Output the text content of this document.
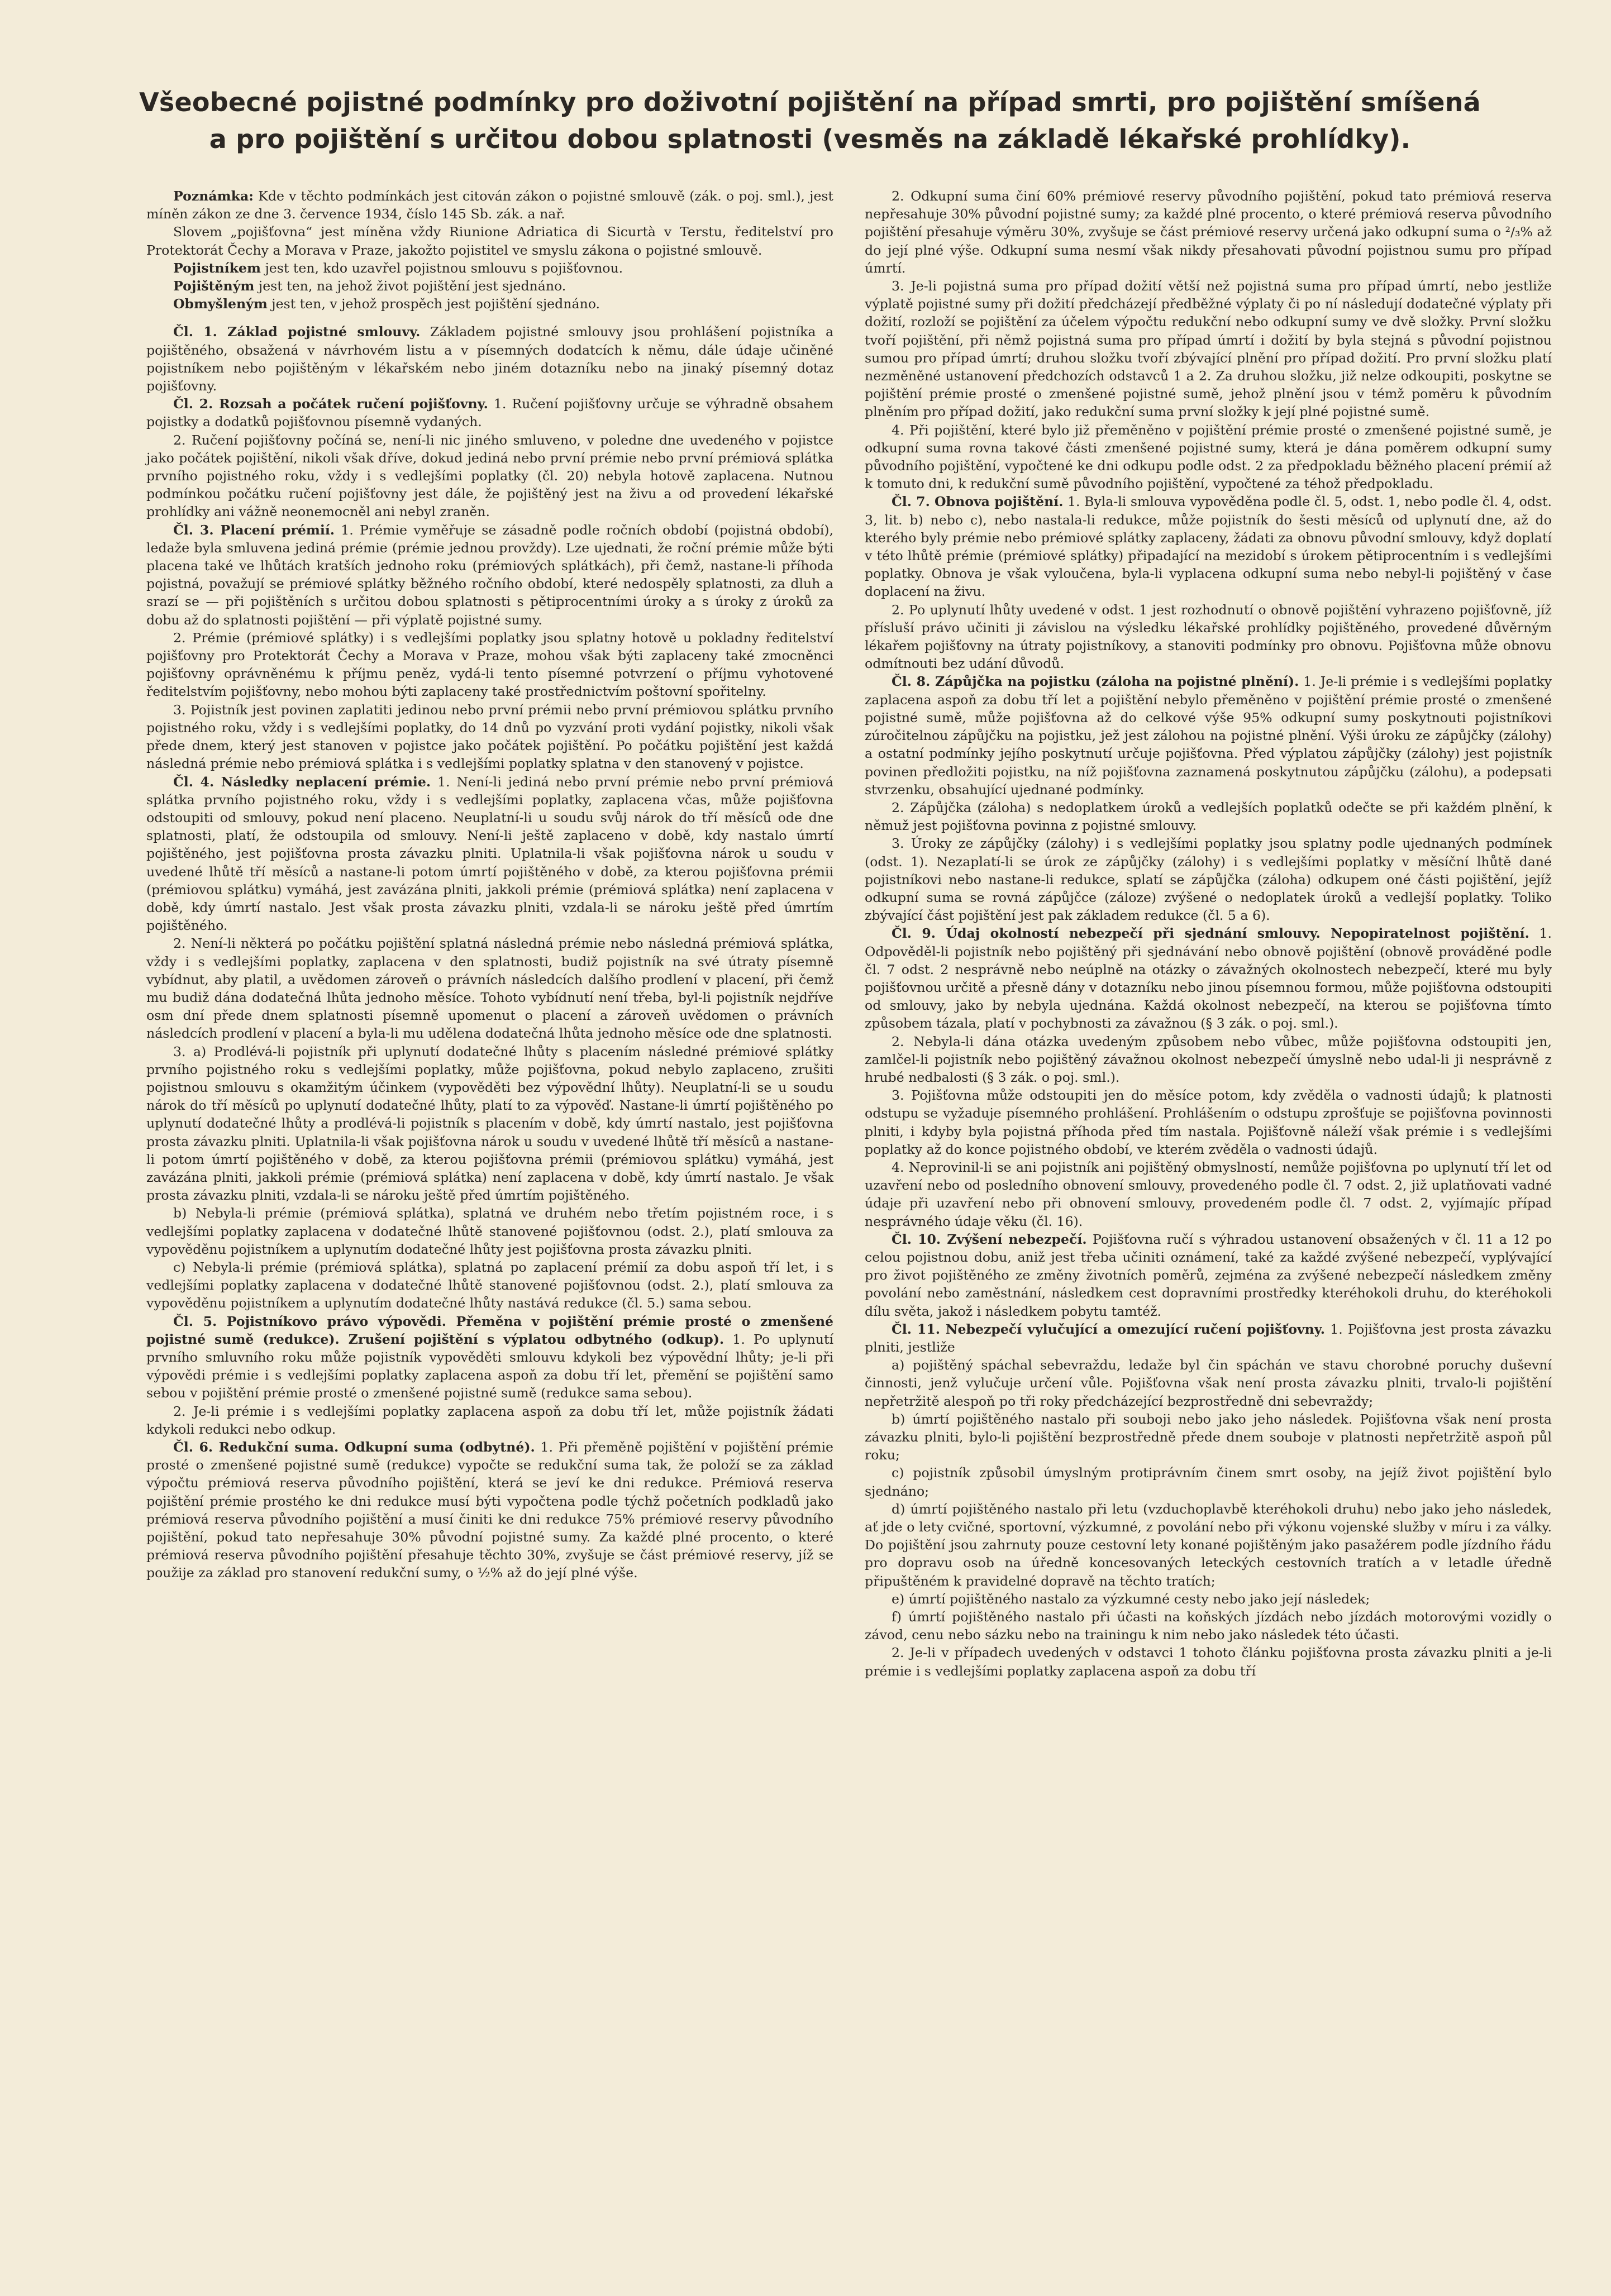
Všeobecné pojistné podmínky pro doživotní pojištění na případ smrti, pro pojištění smíšená
a pro pojištění s určitou dobou splatnosti (vesměs na základě lékařské prohlídky).

Poznámka: Kde v těchto podmínkách jest citován zákon o pojistné smlouvě (zák. o poj. sml.), jest míněn zákon ze dne 3. července 1934, číslo 145 Sb. zák. a nař.

Slovem „pojišťovna“ jest míněna vždy Riunione Adriatica di Sicurtà v Terstu, ředitelství pro Protektorát Čechy a Morava v Praze, jakožto pojistitel ve smyslu zákona o pojistné smlouvě.

Pojistníkem jest ten, kdo uzavřel pojistnou smlouvu s pojišťovnou.

Pojištěným jest ten, na jehož život pojištění jest sjednáno.

Obmyšleným jest ten, v jehož prospěch jest pojištění sjednáno.

Čl. 1. Základ pojistné smlouvy. Základem pojistné smlouvy jsou prohlášení pojistníka a pojištěného, obsažená v návrhovém listu a v písemných dodatcích k němu, dále údaje učiněné pojistníkem nebo pojištěným v lékařském nebo jiném dotazníku nebo na jinaký písemný dotaz pojišťovny.

Čl. 2. Rozsah a počátek ručení pojišťovny. 1. Ručení pojišťovny určuje se výhradně obsahem pojistky a dodatků pojišťovnou písemně vydaných.

2. Ručení pojišťovny počíná se, není-li nic jiného smluveno, v poledne dne uvedeného v pojistce jako počátek pojištění, nikoli však dříve, dokud jediná nebo první prémie nebo první prémiová splátka prvního pojistného roku, vždy i s vedlejšími poplatky (čl. 20) nebyla hotově zaplacena. Nutnou podmínkou počátku ručení pojišťovny jest dále, že pojištěný jest na živu a od provedení lékařské prohlídky ani vážně neonemocněl ani nebyl zraněn.

Čl. 3. Placení prémií. 1. Prémie vyměřuje se zásadně podle ročních období (pojistná období), ledaže byla smluvena jediná prémie (prémie jednou provždy). Lze ujednati, že roční prémie může býti placena také ve lhůtách kratších jednoho roku (prémiových splátkách), při čemž, nastane-li příhoda pojistná, považují se prémiové splátky běžného ročního období, které nedospěly splatnosti, za dluh a srazí se — při pojištěních s určitou dobou splatnosti s pětiprocentními úroky a s úroky z úroků za dobu až do splatnosti pojištění — při výplatě pojistné sumy.

2. Prémie (prémiové splátky) i s vedlejšími poplatky jsou splatny hotově u pokladny ředitelství pojišťovny pro Protektorát Čechy a Morava v Praze, mohou však býti zaplaceny také zmocněnci pojišťovny oprávněnému k příjmu peněz, vydá-li tento písemné potvrzení o příjmu vyhotovené ředitelstvím pojišťovny, nebo mohou býti zaplaceny také prostřednictvím poštovní spořitelny.

3. Pojistník jest povinen zaplatiti jedinou nebo první prémii nebo první prémiovou splátku prvního pojistného roku, vždy i s vedlejšími poplatky, do 14 dnů po vyzvání proti vydání pojistky, nikoli však přede dnem, který jest stanoven v pojistce jako počátek pojištění. Po počátku pojištění jest každá následná prémie nebo prémiová splátka i s vedlejšími poplatky splatna v den stanovený v pojistce.

Čl. 4. Následky neplacení prémie. 1. Není-li jediná nebo první prémie nebo první prémiová splátka prvního pojistného roku, vždy i s vedlejšími poplatky, zaplacena včas, může pojišťovna odstoupiti od smlouvy, pokud není placeno. Neuplatní-li u soudu svůj nárok do tří měsíců ode dne splatnosti, platí, že odstoupila od smlouvy. Není-li ještě zaplaceno v době, kdy nastalo úmrtí pojištěného, jest pojišťovna prosta závazku plniti. Uplatnila-li však pojišťovna nárok u soudu v uvedené lhůtě tří měsíců a nastane-li potom úmrtí pojištěného v době, za kterou pojišťovna prémii (prémiovou splátku) vymáhá, jest zavázána plniti, jakkoli prémie (prémiová splátka) není zaplacena v době, kdy úmrtí nastalo. Jest však prosta závazku plniti, vzdala-li se nároku ještě před úmrtím pojištěného.

2. Není-li některá po počátku pojištění splatná následná prémie nebo následná prémiová splátka, vždy i s vedlejšími poplatky, zaplacena v den splatnosti, budiž pojistník na své útraty písemně vybídnut, aby platil, a uvědomen zároveň o právních následcích dalšího prodlení v placení, při čemž mu budiž dána dodatečná lhůta jednoho měsíce. Tohoto vybídnutí není třeba, byl-li pojistník nejdříve osm dní přede dnem splatnosti písemně upomenut o placení a zároveň uvědomen o právních následcích prodlení v placení a byla-li mu udělena dodatečná lhůta jednoho měsíce ode dne splatnosti.

3. a) Prodlévá-li pojistník při uplynutí dodatečné lhůty s placením následné prémiové splátky prvního pojistného roku s vedlejšími poplatky, může pojišťovna, pokud nebylo zaplaceno, zrušiti pojistnou smlouvu s okamžitým účinkem (vypověděti bez výpovědní lhůty). Neuplatní-li se u soudu nárok do tří měsíců po uplynutí dodatečné lhůty, platí to za výpověď. Nastane-li úmrtí pojištěného po uplynutí dodatečné lhůty a prodlévá-li pojistník s placením v době, kdy úmrtí nastalo, jest pojišťovna prosta závazku plniti. Uplatnila-li však pojišťovna nárok u soudu v uvedené lhůtě tří měsíců a nastane-li potom úmrtí pojištěného v době, za kterou pojišťovna prémii (prémiovou splátku) vymáhá, jest zavázána plniti, jakkoli prémie (prémiová splátka) není zaplacena v době, kdy úmrtí nastalo. Je však prosta závazku plniti, vzdala-li se nároku ještě před úmrtím pojištěného.

b) Nebyla-li prémie (prémiová splátka), splatná ve druhém nebo třetím pojistném roce, i s vedlejšími poplatky zaplacena v dodatečné lhůtě stanovené pojišťovnou (odst. 2.), platí smlouva za vypověděnu pojistníkem a uplynutím dodatečné lhůty jest pojišťovna prosta závazku plniti.

c) Nebyla-li prémie (prémiová splátka), splatná po zaplacení prémií za dobu aspoň tří let, i s vedlejšími poplatky zaplacena v dodatečné lhůtě stanovené pojišťovnou (odst. 2.), platí smlouva za vypověděnu pojistníkem a uplynutím dodatečné lhůty nastává redukce (čl. 5.) sama sebou.

Čl. 5. Pojistníkovo právo výpovědi. Přeměna v pojištění prémie prosté o zmenšené pojistné sumě (redukce). Zrušení pojištění s výplatou odbytného (odkup). 1. Po uplynutí prvního smluvního roku může pojistník vypověděti smlouvu kdykoli bez výpovědní lhůty; je-li při výpovědi prémie i s vedlejšími poplatky zaplacena aspoň za dobu tří let, přemění se pojištění samo sebou v pojištění prémie prosté o zmenšené pojistné sumě (redukce sama sebou).

2. Je-li prémie i s vedlejšími poplatky zaplacena aspoň za dobu tří let, může pojistník žádati kdykoli redukci nebo odkup.

Čl. 6. Redukční suma. Odkupní suma (odbytné). 1. Při přeměně pojištění v pojištění prémie prosté o zmenšené pojistné sumě (redukce) vypočte se redukční suma tak, že položí se za základ výpočtu prémiová reserva původního pojištění, která se jeví ke dni redukce. Prémiová reserva pojištění prémie prostého ke dni redukce musí býti vypočtena podle týchž početních podkladů jako prémiová reserva původního pojištění a musí činiti ke dni redukce 75% prémiové reservy původního pojištění, pokud tato nepřesahuje 30% původní pojistné sumy. Za každé plné procento, o které prémiová reserva původního pojištění přesahuje těchto 30%, zvyšuje se část prémiové reservy, jíž se použije za základ pro stanovení redukční sumy, o ½% až do její plné výše.

2. Odkupní suma činí 60% prémiové reservy původního pojištění, pokud tato prémiová reserva nepřesahuje 30% původní pojistné sumy; za každé plné procento, o které prémiová reserva původního pojištění přesahuje výměru 30%, zvyšuje se část prémiové reservy určená jako odkupní suma o ²/₃% až do její plné výše. Odkupní suma nesmí však nikdy přesahovati původní pojistnou sumu pro případ úmrtí.

3. Je-li pojistná suma pro případ dožití větší než pojistná suma pro případ úmrtí, nebo jestliže výplatě pojistné sumy při dožití předcházejí předběžné výplaty či po ní následují dodatečné výplaty při dožití, rozloží se pojištění za účelem výpočtu redukční nebo odkupní sumy ve dvě složky. První složku tvoří pojištění, při němž pojistná suma pro případ úmrtí i dožití by byla stejná s původní pojistnou sumou pro případ úmrtí; druhou složku tvoří zbývající plnění pro případ dožití. Pro první složku platí nezměněné ustanovení předchozích odstavců 1 a 2. Za druhou složku, již nelze odkoupiti, poskytne se pojištění prémie prosté o zmenšené pojistné sumě, jehož plnění jsou v témž poměru k původním plněním pro případ dožití, jako redukční suma první složky k její plné pojistné sumě.

4. Při pojištění, které bylo již přeměněno v pojištění prémie prosté o zmenšené pojistné sumě, je odkupní suma rovna takové části zmenšené pojistné sumy, která je dána poměrem odkupní sumy původního pojištění, vypočtené ke dni odkupu podle odst. 2 za předpokladu běžného placení prémií až k tomuto dni, k redukční sumě původního pojištění, vypočtené za téhož předpokladu.

Čl. 7. Obnova pojištění. 1. Byla-li smlouva vypověděna podle čl. 5, odst. 1, nebo podle čl. 4, odst. 3, lit. b) nebo c), nebo nastala-li redukce, může pojistník do šesti měsíců od uplynutí dne, až do kterého byly prémie nebo prémiové splátky zaplaceny, žádati za obnovu původní smlouvy, když doplatí v této lhůtě prémie (prémiové splátky) připadající na mezidobí s úrokem pětiprocentním i s vedlejšími poplatky. Obnova je však vyloučena, byla-li vyplacena odkupní suma nebo nebyl-li pojištěný v čase doplacení na živu.

2. Po uplynutí lhůty uvedené v odst. 1 jest rozhodnutí o obnově pojištění vyhrazeno pojišťovně, jíž přísluší právo učiniti ji závislou na výsledku lékařské prohlídky pojištěného, provedené důvěrným lékařem pojišťovny na útraty pojistníkovy, a stanoviti podmínky pro obnovu. Pojišťovna může obnovu odmítnouti bez udání důvodů.

Čl. 8. Zápůjčka na pojistku (záloha na pojistné plnění). 1. Je-li prémie i s vedlejšími poplatky zaplacena aspoň za dobu tří let a pojištění nebylo přeměněno v pojištění prémie prosté o zmenšené pojistné sumě, může pojišťovna až do celkové výše 95% odkupní sumy poskytnouti pojistníkovi zúročitelnou zápůjčku na pojistku, jež jest zálohou na pojistné plnění. Výši úroku ze zápůjčky (zálohy) a ostatní podmínky jejího poskytnutí určuje pojišťovna. Před výplatou zápůjčky (zálohy) jest pojistník povinen předložiti pojistku, na níž pojišťovna zaznamená poskytnutou zápůjčku (zálohu), a podepsati stvrzenku, obsahující ujednané podmínky.

2. Zápůjčka (záloha) s nedoplatkem úroků a vedlejších poplatků odečte se při každém plnění, k němuž jest pojišťovna povinna z pojistné smlouvy.

3. Úroky ze zápůjčky (zálohy) i s vedlejšími poplatky jsou splatny podle ujednaných podmínek (odst. 1). Nezaplatí-li se úrok ze zápůjčky (zálohy) i s vedlejšími poplatky v měsíční lhůtě dané pojistníkovi nebo nastane-li redukce, splatí se zápůjčka (záloha) odkupem oné části pojištění, jejíž odkupní suma se rovná zápůjčce (záloze) zvýšené o nedoplatek úroků a vedlejší poplatky. Toliko zbývající část pojištění jest pak základem redukce (čl. 5 a 6).

Čl. 9. Údaj okolností nebezpečí při sjednání smlouvy. Nepopiratelnost pojištění. 1. Odpověděl-li pojistník nebo pojištěný při sjednávání nebo obnově pojištění (obnově prováděné podle čl. 7 odst. 2 nesprávně nebo neúplně na otázky o závažných okolnostech nebezpečí, které mu byly pojišťovnou určitě a přesně dány v dotazníku nebo jinou písemnou formou, může pojišťovna odstoupiti od smlouvy, jako by nebyla ujednána. Každá okolnost nebezpečí, na kterou se pojišťovna tímto způsobem tázala, platí v pochybnosti za závažnou (§ 3 zák. o poj. sml.).

2. Nebyla-li dána otázka uvedeným způsobem nebo vůbec, může pojišťovna odstoupiti jen, zamlčel-li pojistník nebo pojištěný závažnou okolnost nebezpečí úmyslně nebo udal-li ji nesprávně z hrubé nedbalosti (§ 3 zák. o poj. sml.).

3. Pojišťovna může odstoupiti jen do měsíce potom, kdy zvěděla o vadnosti údajů; k platnosti odstupu se vyžaduje písemného prohlášení. Prohlášením o odstupu zprošťuje se pojišťovna povinnosti plniti, i kdyby byla pojistná příhoda před tím nastala. Pojišťovně náleží však prémie i s vedlejšími poplatky až do konce pojistného období, ve kterém zvěděla o vadnosti údajů.

4. Neprovinil-li se ani pojistník ani pojištěný obmyslností, nemůže pojišťovna po uplynutí tří let od uzavření nebo od posledního obnovení smlouvy, provedeného podle čl. 7 odst. 2, již uplatňovati vadné údaje při uzavření nebo při obnovení smlouvy, provedeném podle čl. 7 odst. 2, vyjímajíc případ nesprávného údaje věku (čl. 16).

Čl. 10. Zvýšení nebezpečí. Pojišťovna ručí s výhradou ustanovení obsažených v čl. 11 a 12 po celou pojistnou dobu, aniž jest třeba učiniti oznámení, také za každé zvýšené nebezpečí, vyplývající pro život pojištěného ze změny životních poměrů, zejména za zvýšené nebezpečí následkem změny povolání nebo zaměstnání, následkem cest dopravními prostředky kteréhokoli druhu, do kteréhokoli dílu světa, jakož i následkem pobytu tamtéž.

Čl. 11. Nebezpečí vylučující a omezující ručení pojišťovny. 1. Pojišťovna jest prosta závazku plniti, jestliže

a) pojištěný spáchal sebevraždu, ledaže byl čin spáchán ve stavu chorobné poruchy duševní činnosti, jenž vylučuje určení vůle. Pojišťovna však není prosta závazku plniti, trvalo-li pojištění nepřetržitě alespoň po tři roky předcházející bezprostředně dni sebevraždy;

b) úmrtí pojištěného nastalo při souboji nebo jako jeho následek. Pojišťovna však není prosta závazku plniti, bylo-li pojištění bezprostředně přede dnem souboje v platnosti nepřetržitě aspoň půl roku;

c) pojistník způsobil úmyslným protiprávním činem smrt osoby, na jejíž život pojištění bylo sjednáno;

d) úmrtí pojištěného nastalo při letu (vzduchoplavbě kteréhokoli druhu) nebo jako jeho následek, ať jde o lety cvičné, sportovní, výzkumné, z povolání nebo při výkonu vojenské služby v míru i za války. Do pojištění jsou zahrnuty pouze cestovní lety konané pojištěným jako pasažérem podle jízdního řádu pro dopravu osob na úředně koncesovaných leteckých cestovních tratích a v letadle úředně připuštěném k pravidelné dopravě na těchto tratích;

e) úmrtí pojištěného nastalo za výzkumné cesty nebo jako její následek;

f) úmrtí pojištěného nastalo při účasti na koňských jízdách nebo jízdách motorovými vozidly o závod, cenu nebo sázku nebo na trainingu k nim nebo jako následek této účasti.

2. Je-li v případech uvedených v odstavci 1 tohoto článku pojišťovna prosta závazku plniti a je-li prémie i s vedlejšími poplatky zaplacena aspoň za dobu tří
